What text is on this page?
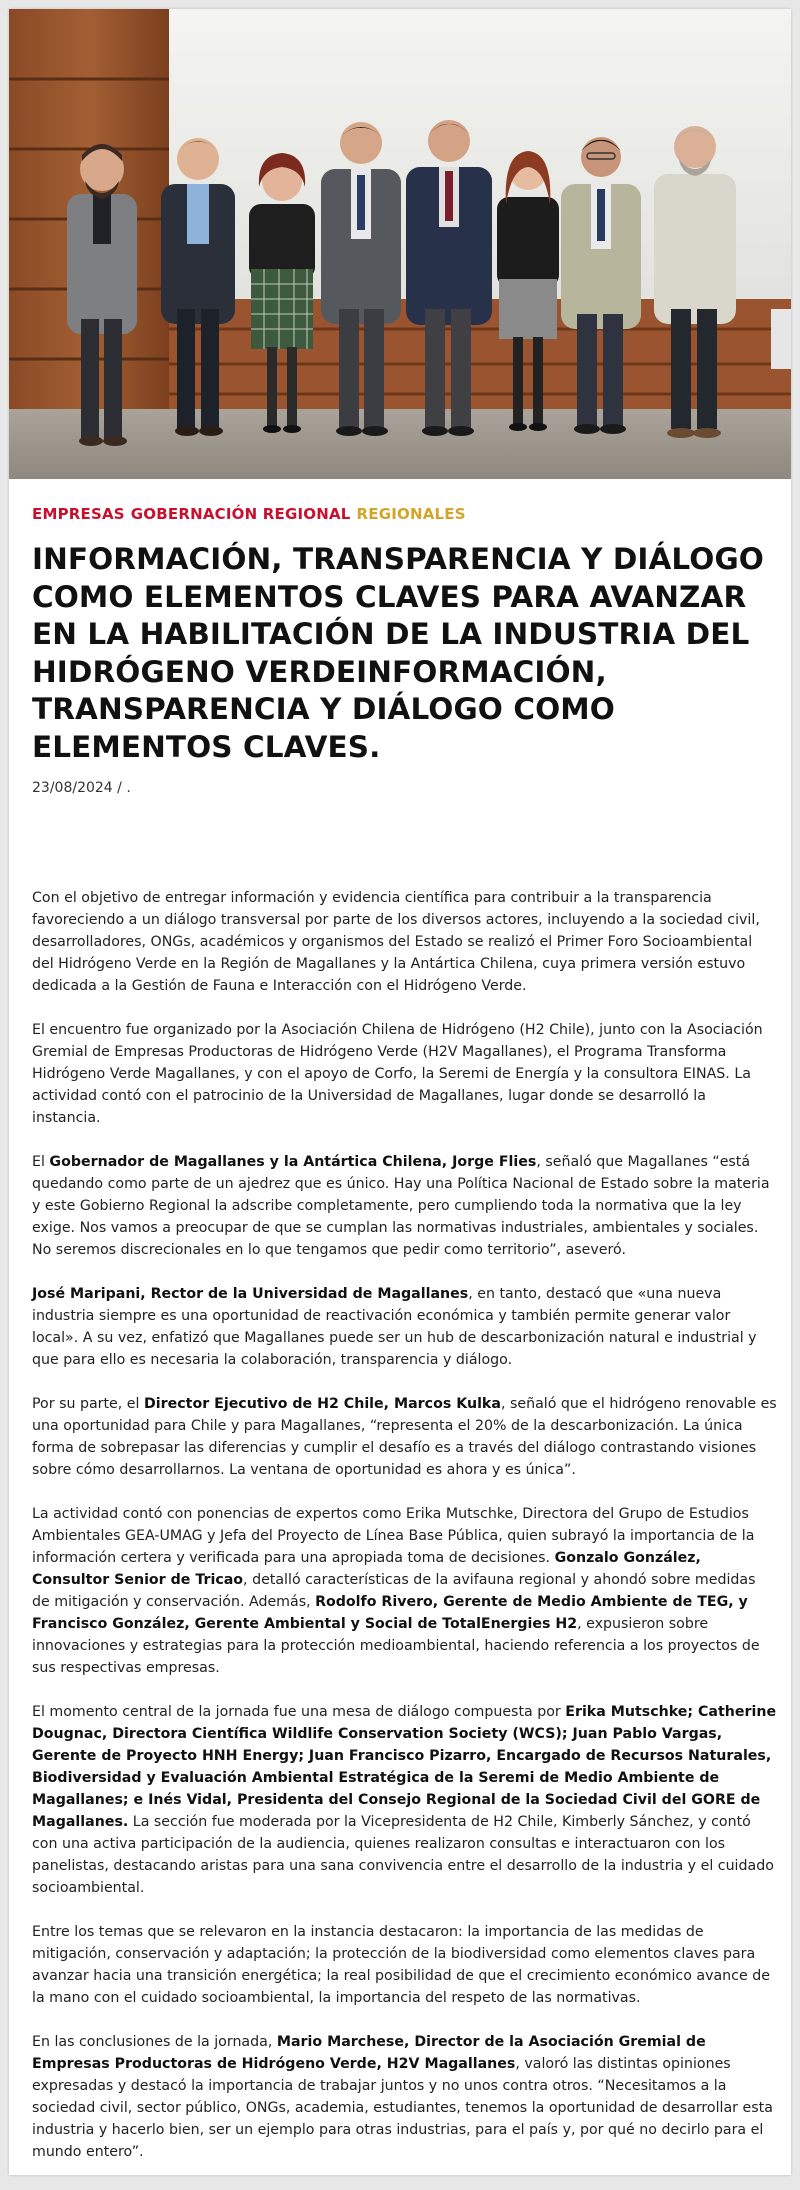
EMPRESAS GOBERNACIÓN REGIONAL REGIONALES
INFORMACIÓN, TRANSPARENCIA Y DIÁLOGO COMO ELEMENTOS CLAVES PARA AVANZAR EN LA HABILITACIÓN DE LA INDUSTRIA DEL HIDRÓGENO VERDEINFORMACIÓN, TRANSPARENCIA Y DIÁLOGO COMO ELEMENTOS CLAVES.
23/08/2024 / .

Con el objetivo de entregar información y evidencia científica para contribuir a la transparencia favoreciendo a un diálogo transversal por parte de los diversos actores, incluyendo a la sociedad civil, desarrolladores, ONGs, académicos y organismos del Estado se realizó el Primer Foro Socioambiental del Hidrógeno Verde en la Región de Magallanes y la Antártica Chilena, cuya primera versión estuvo dedicada a la Gestión de Fauna e Interacción con el Hidrógeno Verde.

El encuentro fue organizado por la Asociación Chilena de Hidrógeno (H2 Chile), junto con la Asociación Gremial de Empresas Productoras de Hidrógeno Verde (H2V Magallanes), el Programa Transforma Hidrógeno Verde Magallanes, y con el apoyo de Corfo, la Seremi de Energía y la consultora EINAS. La actividad contó con el patrocinio de la Universidad de Magallanes, lugar donde se desarrolló la instancia.

El Gobernador de Magallanes y la Antártica Chilena, Jorge Flies, señaló que Magallanes “está quedando como parte de un ajedrez que es único. Hay una Política Nacional de Estado sobre la materia y este Gobierno Regional la adscribe completamente, pero cumpliendo toda la normativa que la ley exige. Nos vamos a preocupar de que se cumplan las normativas industriales, ambientales y sociales. No seremos discrecionales en lo que tengamos que pedir como territorio”, aseveró.

José Maripani, Rector de la Universidad de Magallanes, en tanto, destacó que «una nueva industria siempre es una oportunidad de reactivación económica y también permite generar valor local». A su vez, enfatizó que Magallanes puede ser un hub de descarbonización natural e industrial y que para ello es necesaria la colaboración, transparencia y diálogo.

Por su parte, el Director Ejecutivo de H2 Chile, Marcos Kulka, señaló que el hidrógeno renovable es una oportunidad para Chile y para Magallanes, “representa el 20% de la descarbonización. La única forma de sobrepasar las diferencias y cumplir el desafío es a través del diálogo contrastando visiones sobre cómo desarrollarnos. La ventana de oportunidad es ahora y es única”.

La actividad contó con ponencias de expertos como Erika Mutschke, Directora del Grupo de Estudios Ambientales GEA-UMAG y Jefa del Proyecto de Línea Base Pública, quien subrayó la importancia de la información certera y verificada para una apropiada toma de decisiones. Gonzalo González, Consultor Senior de Tricao, detalló características de la avifauna regional y ahondó sobre medidas de mitigación y conservación. Además, Rodolfo Rivero, Gerente de Medio Ambiente de TEG, y Francisco González, Gerente Ambiental y Social de TotalEnergies H2, expusieron sobre innovaciones y estrategias para la protección medioambiental, haciendo referencia a los proyectos de sus respectivas empresas.

El momento central de la jornada fue una mesa de diálogo compuesta por Erika Mutschke; Catherine Dougnac, Directora Científica Wildlife Conservation Society (WCS); Juan Pablo Vargas, Gerente de Proyecto HNH Energy; Juan Francisco Pizarro, Encargado de Recursos Naturales, Biodiversidad y Evaluación Ambiental Estratégica de la Seremi de Medio Ambiente de Magallanes; e Inés Vidal, Presidenta del Consejo Regional de la Sociedad Civil del GORE de Magallanes. La sección fue moderada por la Vicepresidenta de H2 Chile, Kimberly Sánchez, y contó con una activa participación de la audiencia, quienes realizaron consultas e interactuaron con los panelistas, destacando aristas para una sana convivencia entre el desarrollo de la industria y el cuidado socioambiental.

Entre los temas que se relevaron en la instancia destacaron: la importancia de las medidas de mitigación, conservación y adaptación; la protección de la biodiversidad como elementos claves para avanzar hacia una transición energética; la real posibilidad de que el crecimiento económico avance de la mano con el cuidado socioambiental, la importancia del respeto de las normativas.

En las conclusiones de la jornada, Mario Marchese, Director de la Asociación Gremial de Empresas Productoras de Hidrógeno Verde, H2V Magallanes, valoró las distintas opiniones expresadas y destacó la importancia de trabajar juntos y no unos contra otros. “Necesitamos a la sociedad civil, sector público, ONGs, academia, estudiantes, tenemos la oportunidad de desarrollar esta industria y hacerlo bien, ser un ejemplo para otras industrias, para el país y, por qué no decirlo para el mundo entero”.
